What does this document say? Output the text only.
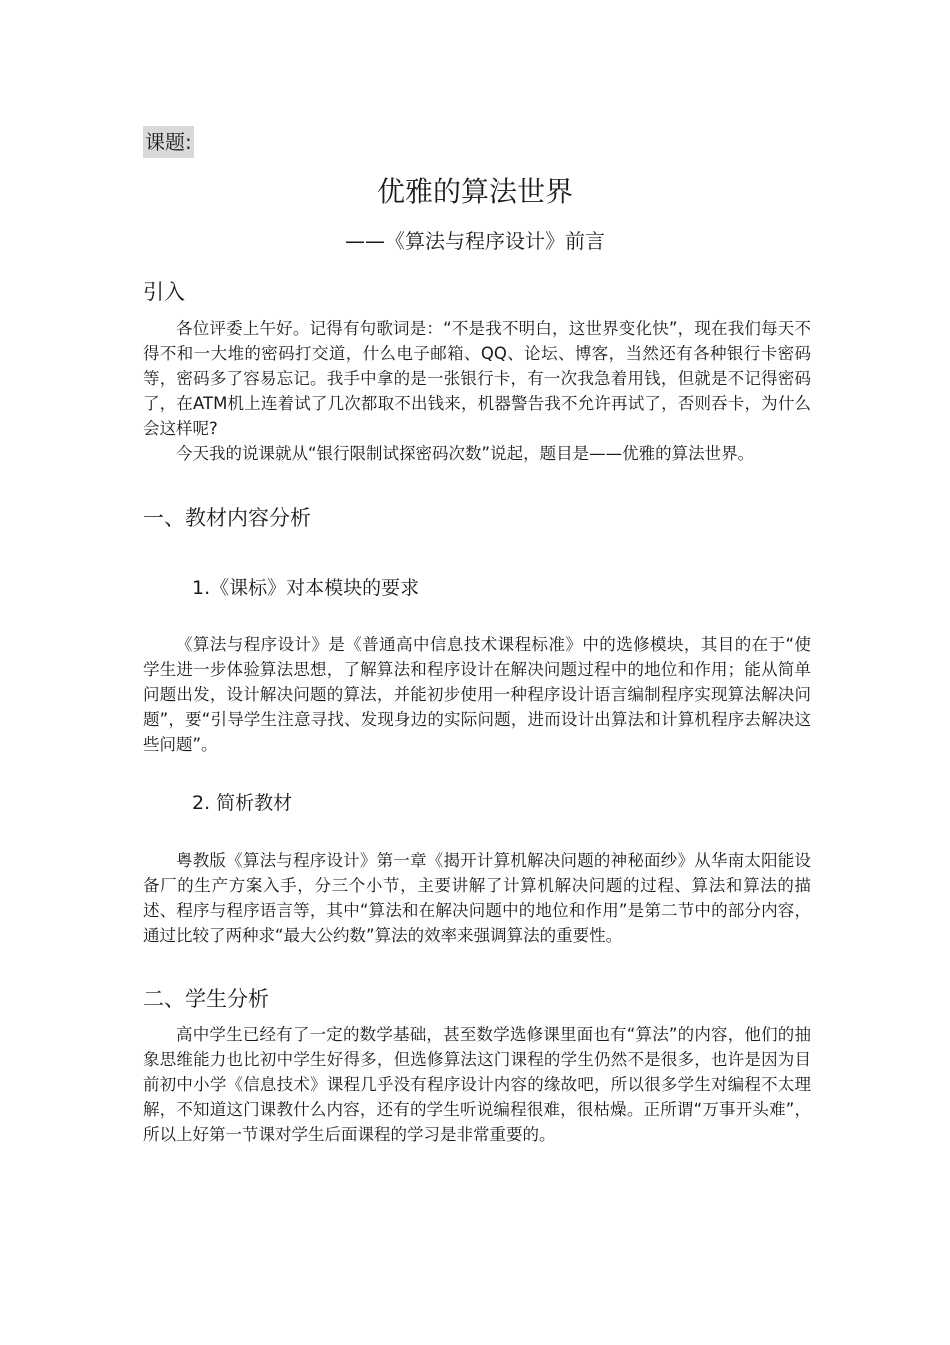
课题:
优雅的算法世界
——《算法与程序设计》前言
引入

各位评委上午好。记得有句歌词是：“不是我不明白，这世界变化快”，现在我们每天不得不和一大堆的密码打交道，什么电子邮箱、QQ、论坛、博客，当然还有各种银行卡密码等，密码多了容易忘记。我手中拿的是一张银行卡，有一次我急着用钱，但就是不记得密码了，在ATM机上连着试了几次都取不出钱来，机器警告我不允许再试了，否则吞卡，为什么会这样呢?

今天我的说课就从“银行限制试探密码次数”说起，题目是——优雅的算法世界。

一、教材内容分析
1.《课标》对本模块的要求

《算法与程序设计》是《普通高中信息技术课程标准》中的选修模块，其目的在于“使学生进一步体验算法思想，了解算法和程序设计在解决问题过程中的地位和作用；能从简单问题出发，设计解决问题的算法，并能初步使用一种程序设计语言编制程序实现算法解决问题”，要“引导学生注意寻找、发现身边的实际问题，进而设计出算法和计算机程序去解决这些问题”。

2. 简析教材

粤教版《算法与程序设计》第一章《揭开计算机解决问题的神秘面纱》从华南太阳能设备厂的生产方案入手，分三个小节，主要讲解了计算机解决问题的过程、算法和算法的描述、程序与程序语言等，其中“算法和在解决问题中的地位和作用”是第二节中的部分内容，通过比较了两种求“最大公约数”算法的效率来强调算法的重要性。

二、学生分析

高中学生已经有了一定的数学基础，甚至数学选修课里面也有“算法”的内容，他们的抽象思维能力也比初中学生好得多，但选修算法这门课程的学生仍然不是很多，也许是因为目前初中小学《信息技术》课程几乎没有程序设计内容的缘故吧，所以很多学生对编程不太理解，不知道这门课教什么内容，还有的学生听说编程很难，很枯燥。正所谓“万事开头难”，所以上好第一节课对学生后面课程的学习是非常重要的。
